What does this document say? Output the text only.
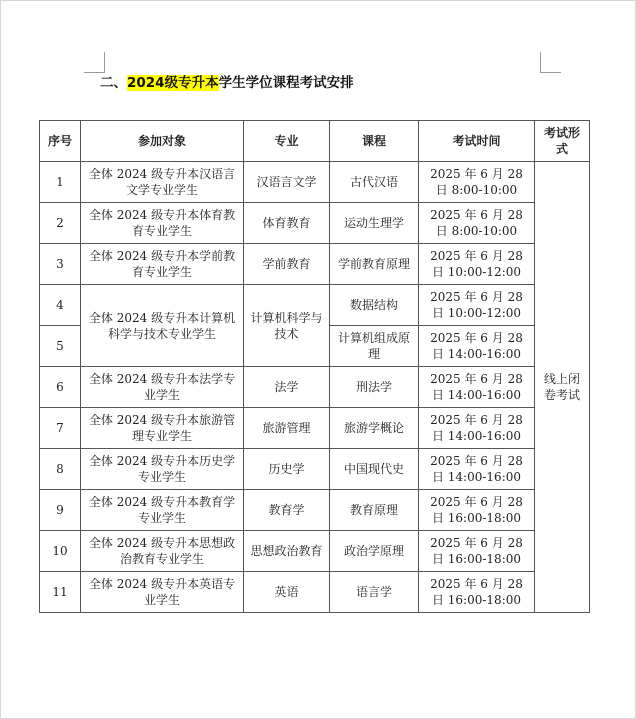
二、2024级专升本学生学位课程考试安排
序号	参加对象	专业	课程	考试时间	考试形式
1	全体 2024 级专升本汉语言文学专业学生	汉语言文学	古代汉语	2025 年 6 月 28 日 8:00-10:00	线上闭卷考试
2	全体 2024 级专升本体育教育专业学生	体育教育	运动生理学	2025 年 6 月 28 日 8:00-10:00	
3	全体 2024 级专升本学前教育专业学生	学前教育	学前教育原理	2025 年 6 月 28 日 10:00-12:00	
4	全体 2024 级专升本计算机科学与技术专业学生	计算机科学与技术	数据结构	2025 年 6 月 28 日 10:00-12:00	
5			计算机组成原理	2025 年 6 月 28 日 14:00-16:00	
6	全体 2024 级专升本法学专业学生	法学	刑法学	2025 年 6 月 28 日 14:00-16:00	
7	全体 2024 级专升本旅游管理专业学生	旅游管理	旅游学概论	2025 年 6 月 28 日 14:00-16:00	
8	全体 2024 级专升本历史学专业学生	历史学	中国现代史	2025 年 6 月 28 日 14:00-16:00	
9	全体 2024 级专升本教育学专业学生	教育学	教育原理	2025 年 6 月 28 日 16:00-18:00	
10	全体 2024 级专升本思想政治教育专业学生	思想政治教育	政治学原理	2025 年 6 月 28 日 16:00-18:00	
11	全体 2024 级专升本英语专业学生	英语	语言学	2025 年 6 月 28 日 16:00-18:00	
